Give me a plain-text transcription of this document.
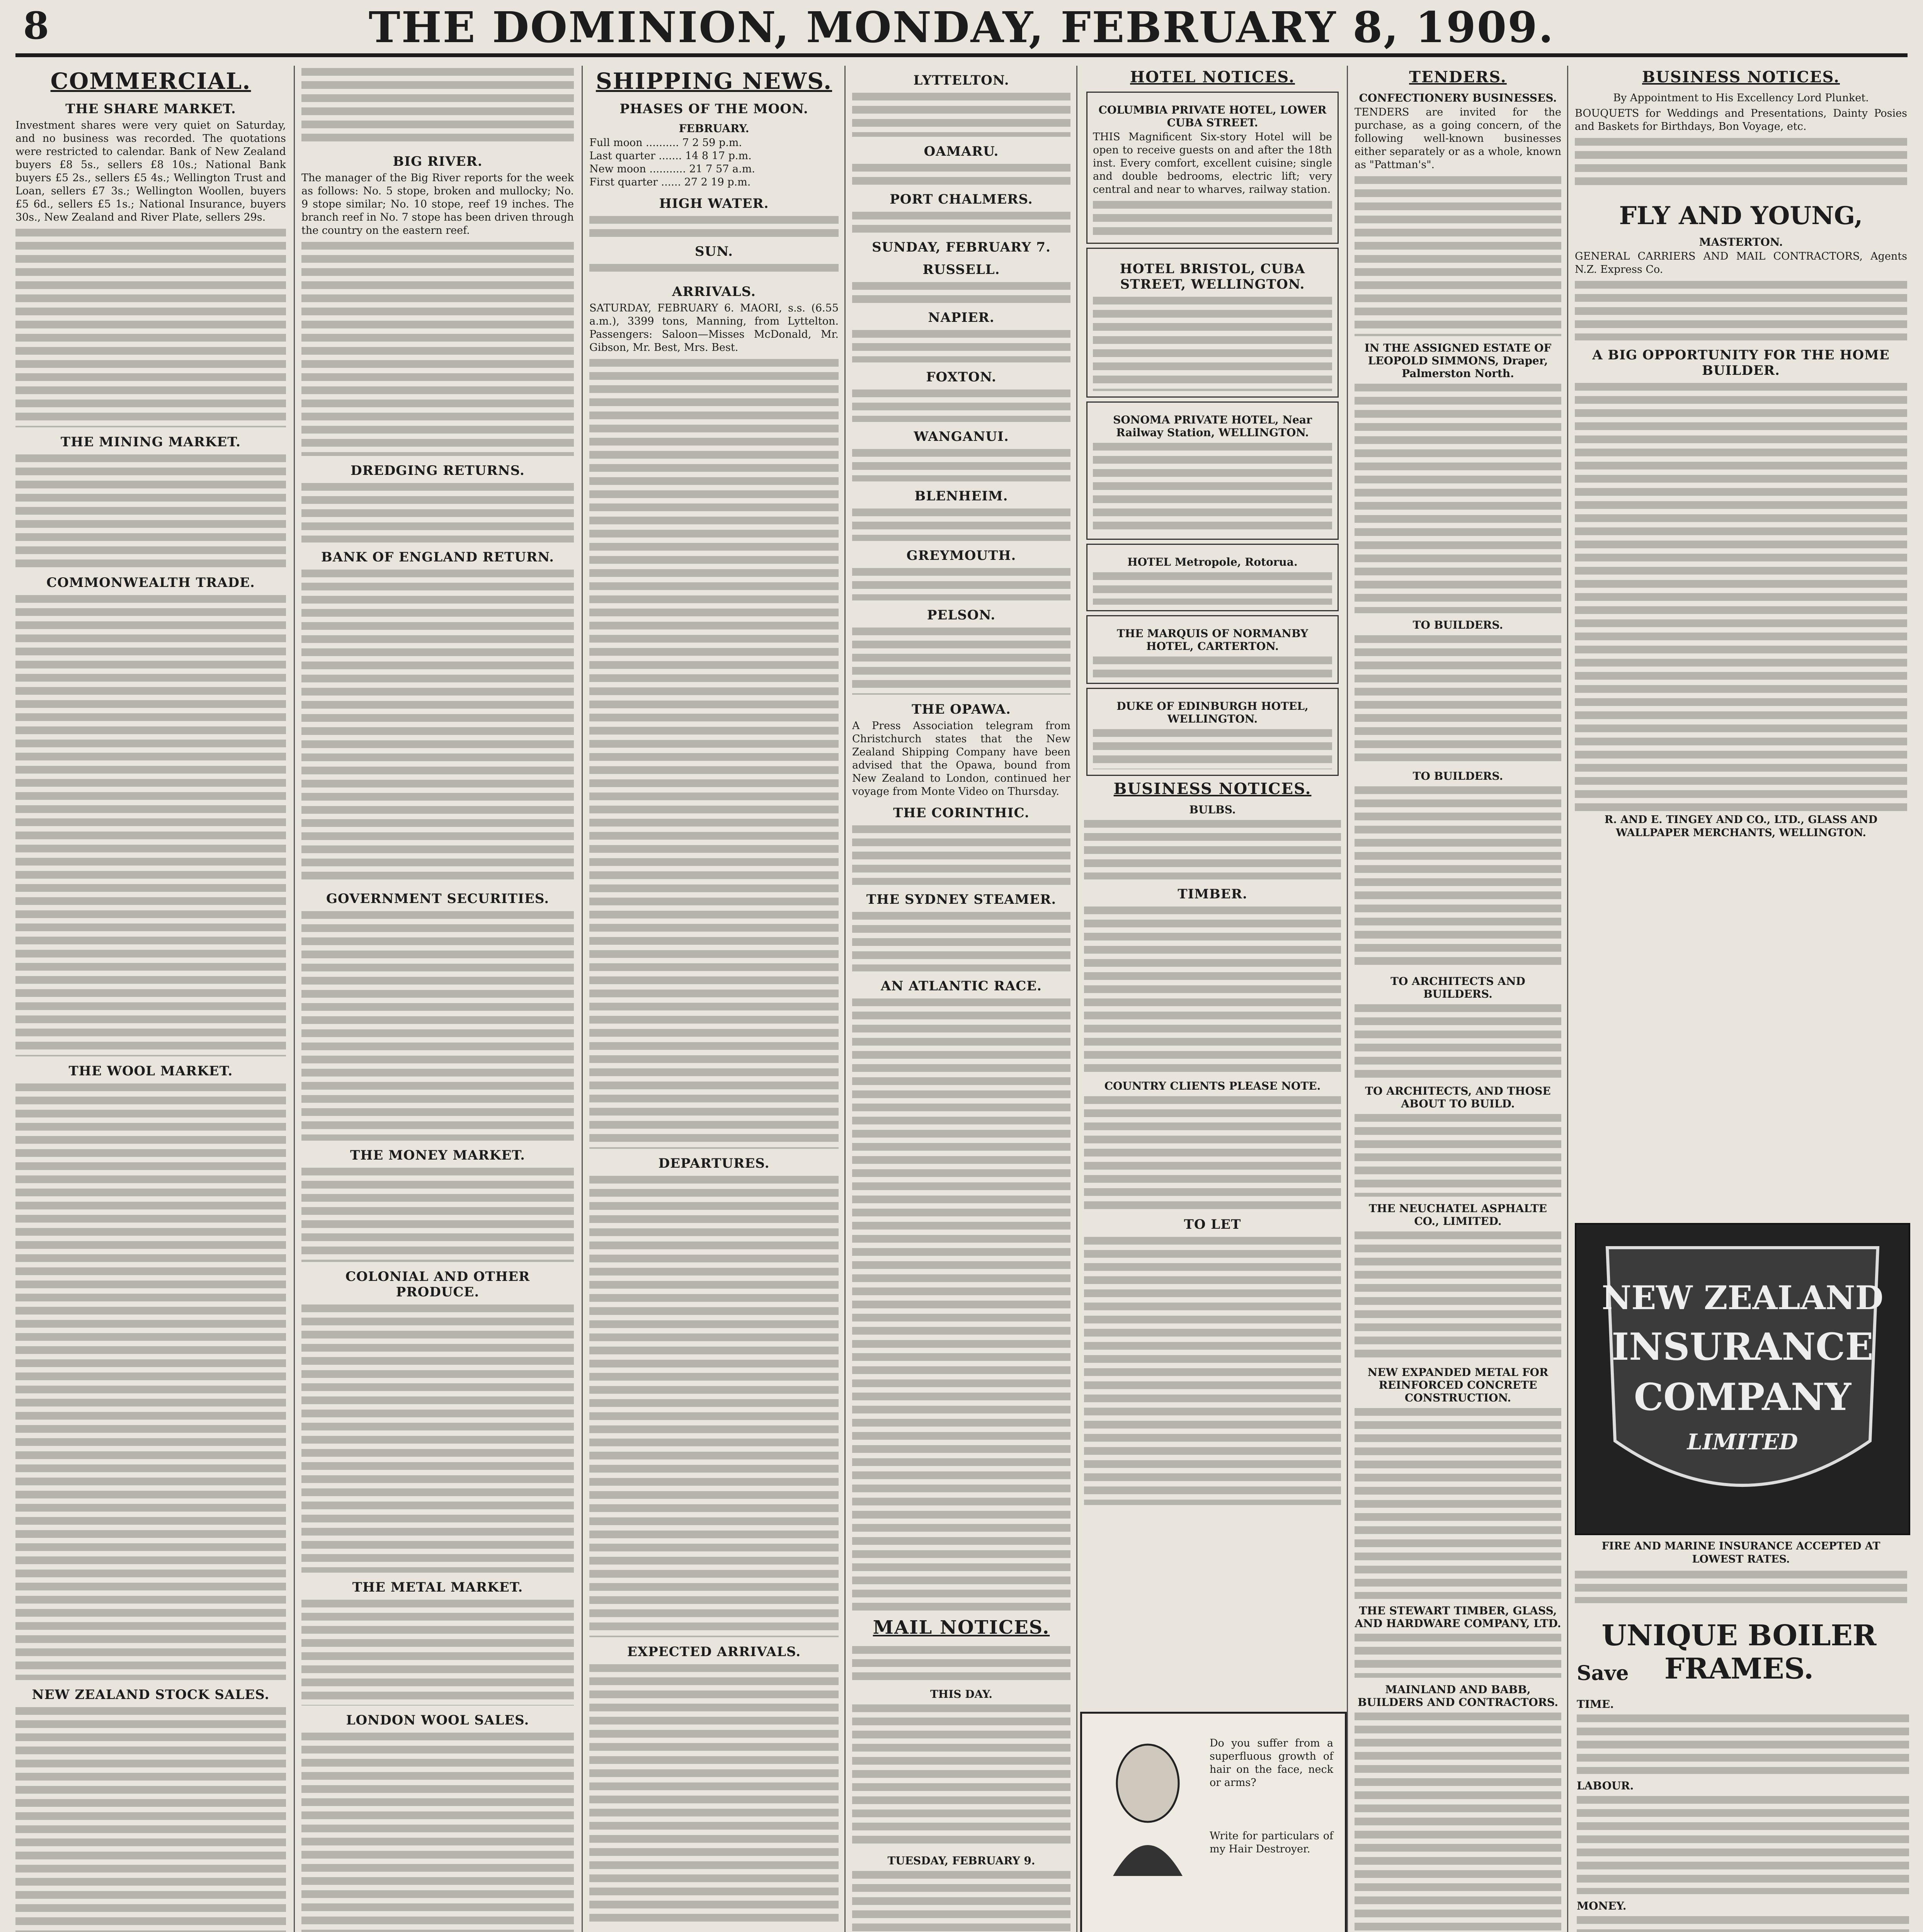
8	THE DOMINION, MONDAY, FEBRUARY 8, 1909.
COMMERCIAL.
THE SHARE MARKET.

Investment shares were very quiet on Saturday, and no business was recorded. The quotations were restricted to calendar. Bank of New Zealand buyers £8 5s., sellers £8 10s.; National Bank buyers £5 2s., sellers £5 4s.; Wellington Trust and Loan, sellers £7 3s.; Wellington Woollen, buyers £5 6d., sellers £5 1s.; National Insurance, buyers 30s., New Zealand and River Plate, sellers 29s.

THE MINING MARKET.
COMMONWEALTH TRADE.
THE WOOL MARKET.
NEW ZEALAND STOCK SALES.
BIG RIVER.

The manager of the Big River reports for the week as follows: No. 5 stope, broken and mullocky; No. 9 stope similar; No. 10 stope, reef 19 inches. The branch reef in No. 7 stope has been driven through the country on the eastern reef.

DREDGING RETURNS.
BANK OF ENGLAND RETURN.
GOVERNMENT SECURITIES.
THE MONEY MARKET.
COLONIAL AND OTHER PRODUCE.
THE METAL MARKET.
LONDON WOOL SALES.

SHIPPING NEWS.
PHASES OF THE MOON.
FEBRUARY.

Full moon .......... 7 2 59 p.m.

Last quarter ....... 14 8 17 p.m.

New moon ........... 21 7 57 a.m.

First quarter ...... 27 2 19 p.m.

HIGH WATER.
SUN.
ARRIVALS.

SATURDAY, FEBRUARY 6. MAORI, s.s. (6.55 a.m.), 3399 tons, Manning, from Lyttelton. Passengers: Saloon—Misses McDonald, Mr. Gibson, Mr. Best, Mrs. Best.

DEPARTURES.
EXPECTED ARRIVALS.
LYTTELTON.
OAMARU.
PORT CHALMERS.
SUNDAY, FEBRUARY 7.
RUSSELL.
NAPIER.
FOXTON.
WANGANUI.
BLENHEIM.
GREYMOUTH.
PELSON.
THE OPAWA.

A Press Association telegram from Christchurch states that the New Zealand Shipping Company have been advised that the Opawa, bound from New Zealand to London, continued her voyage from Monte Video on Thursday.

THE CORINTHIC.
THE SYDNEY STEAMER.
AN ATLANTIC RACE.
MAIL NOTICES.
THIS DAY.
TUESDAY, FEBRUARY 9.

HOTEL NOTICES.
COLUMBIA PRIVATE HOTEL, LOWER CUBA STREET.

THIS Magnificent Six-story Hotel will be open to receive guests on and after the 18th inst. Every comfort, excellent cuisine; single and double bedrooms, electric lift; very central and near to wharves, railway station.

HOTEL BRISTOL, CUBA STREET, WELLINGTON.
SONOMA PRIVATE HOTEL, Near Railway Station, WELLINGTON.
HOTEL Metropole, Rotorua.
THE MARQUIS OF NORMANBY HOTEL, CARTERTON.
DUKE OF EDINBURGH HOTEL, WELLINGTON.
BUSINESS NOTICES.
BULBS.
TIMBER.
COUNTRY CLIENTS PLEASE NOTE.
TO LET

Do you suffer from a superfluous growth of hair on the face, neck or arms?

Write for particulars of my Hair Destroyer.

TENDERS.
CONFECTIONERY BUSINESSES.

TENDERS are invited for the purchase, as a going concern, of the following well-known businesses either separately or as a whole, known as "Pattman's".

IN THE ASSIGNED ESTATE OF LEOPOLD SIMMONS, Draper, Palmerston North.
TO BUILDERS.
TO BUILDERS.
TO ARCHITECTS AND BUILDERS.
TO ARCHITECTS, AND THOSE ABOUT TO BUILD.
THE NEUCHATEL ASPHALTE CO., LIMITED.
NEW EXPANDED METAL FOR REINFORCED CONCRETE CONSTRUCTION.
THE STEWART TIMBER, GLASS, AND HARDWARE COMPANY, LTD.
MAINLAND AND BABB, BUILDERS AND CONTRACTORS.

BUSINESS NOTICES.

By Appointment to His Excellency Lord Plunket.

BOUQUETS for Weddings and Presentations, Dainty Posies and Baskets for Birthdays, Bon Voyage, etc.

FLY AND YOUNG,
MASTERTON.

GENERAL CARRIERS AND MAIL CONTRACTORS, Agents N.Z. Express Co.

A BIG OPPORTUNITY FOR THE HOME BUILDER.

R. AND E. TINGEY AND CO., LTD., GLASS AND WALLPAPER MERCHANTS, WELLINGTON.

NEW ZEALAND
INSURANCE
COMPANY
LIMITED

FIRE AND MARINE INSURANCE ACCEPTED AT LOWEST RATES.

UNIQUE BOILER FRAMES.
Save
TIME.
LABOUR.
MONEY.
